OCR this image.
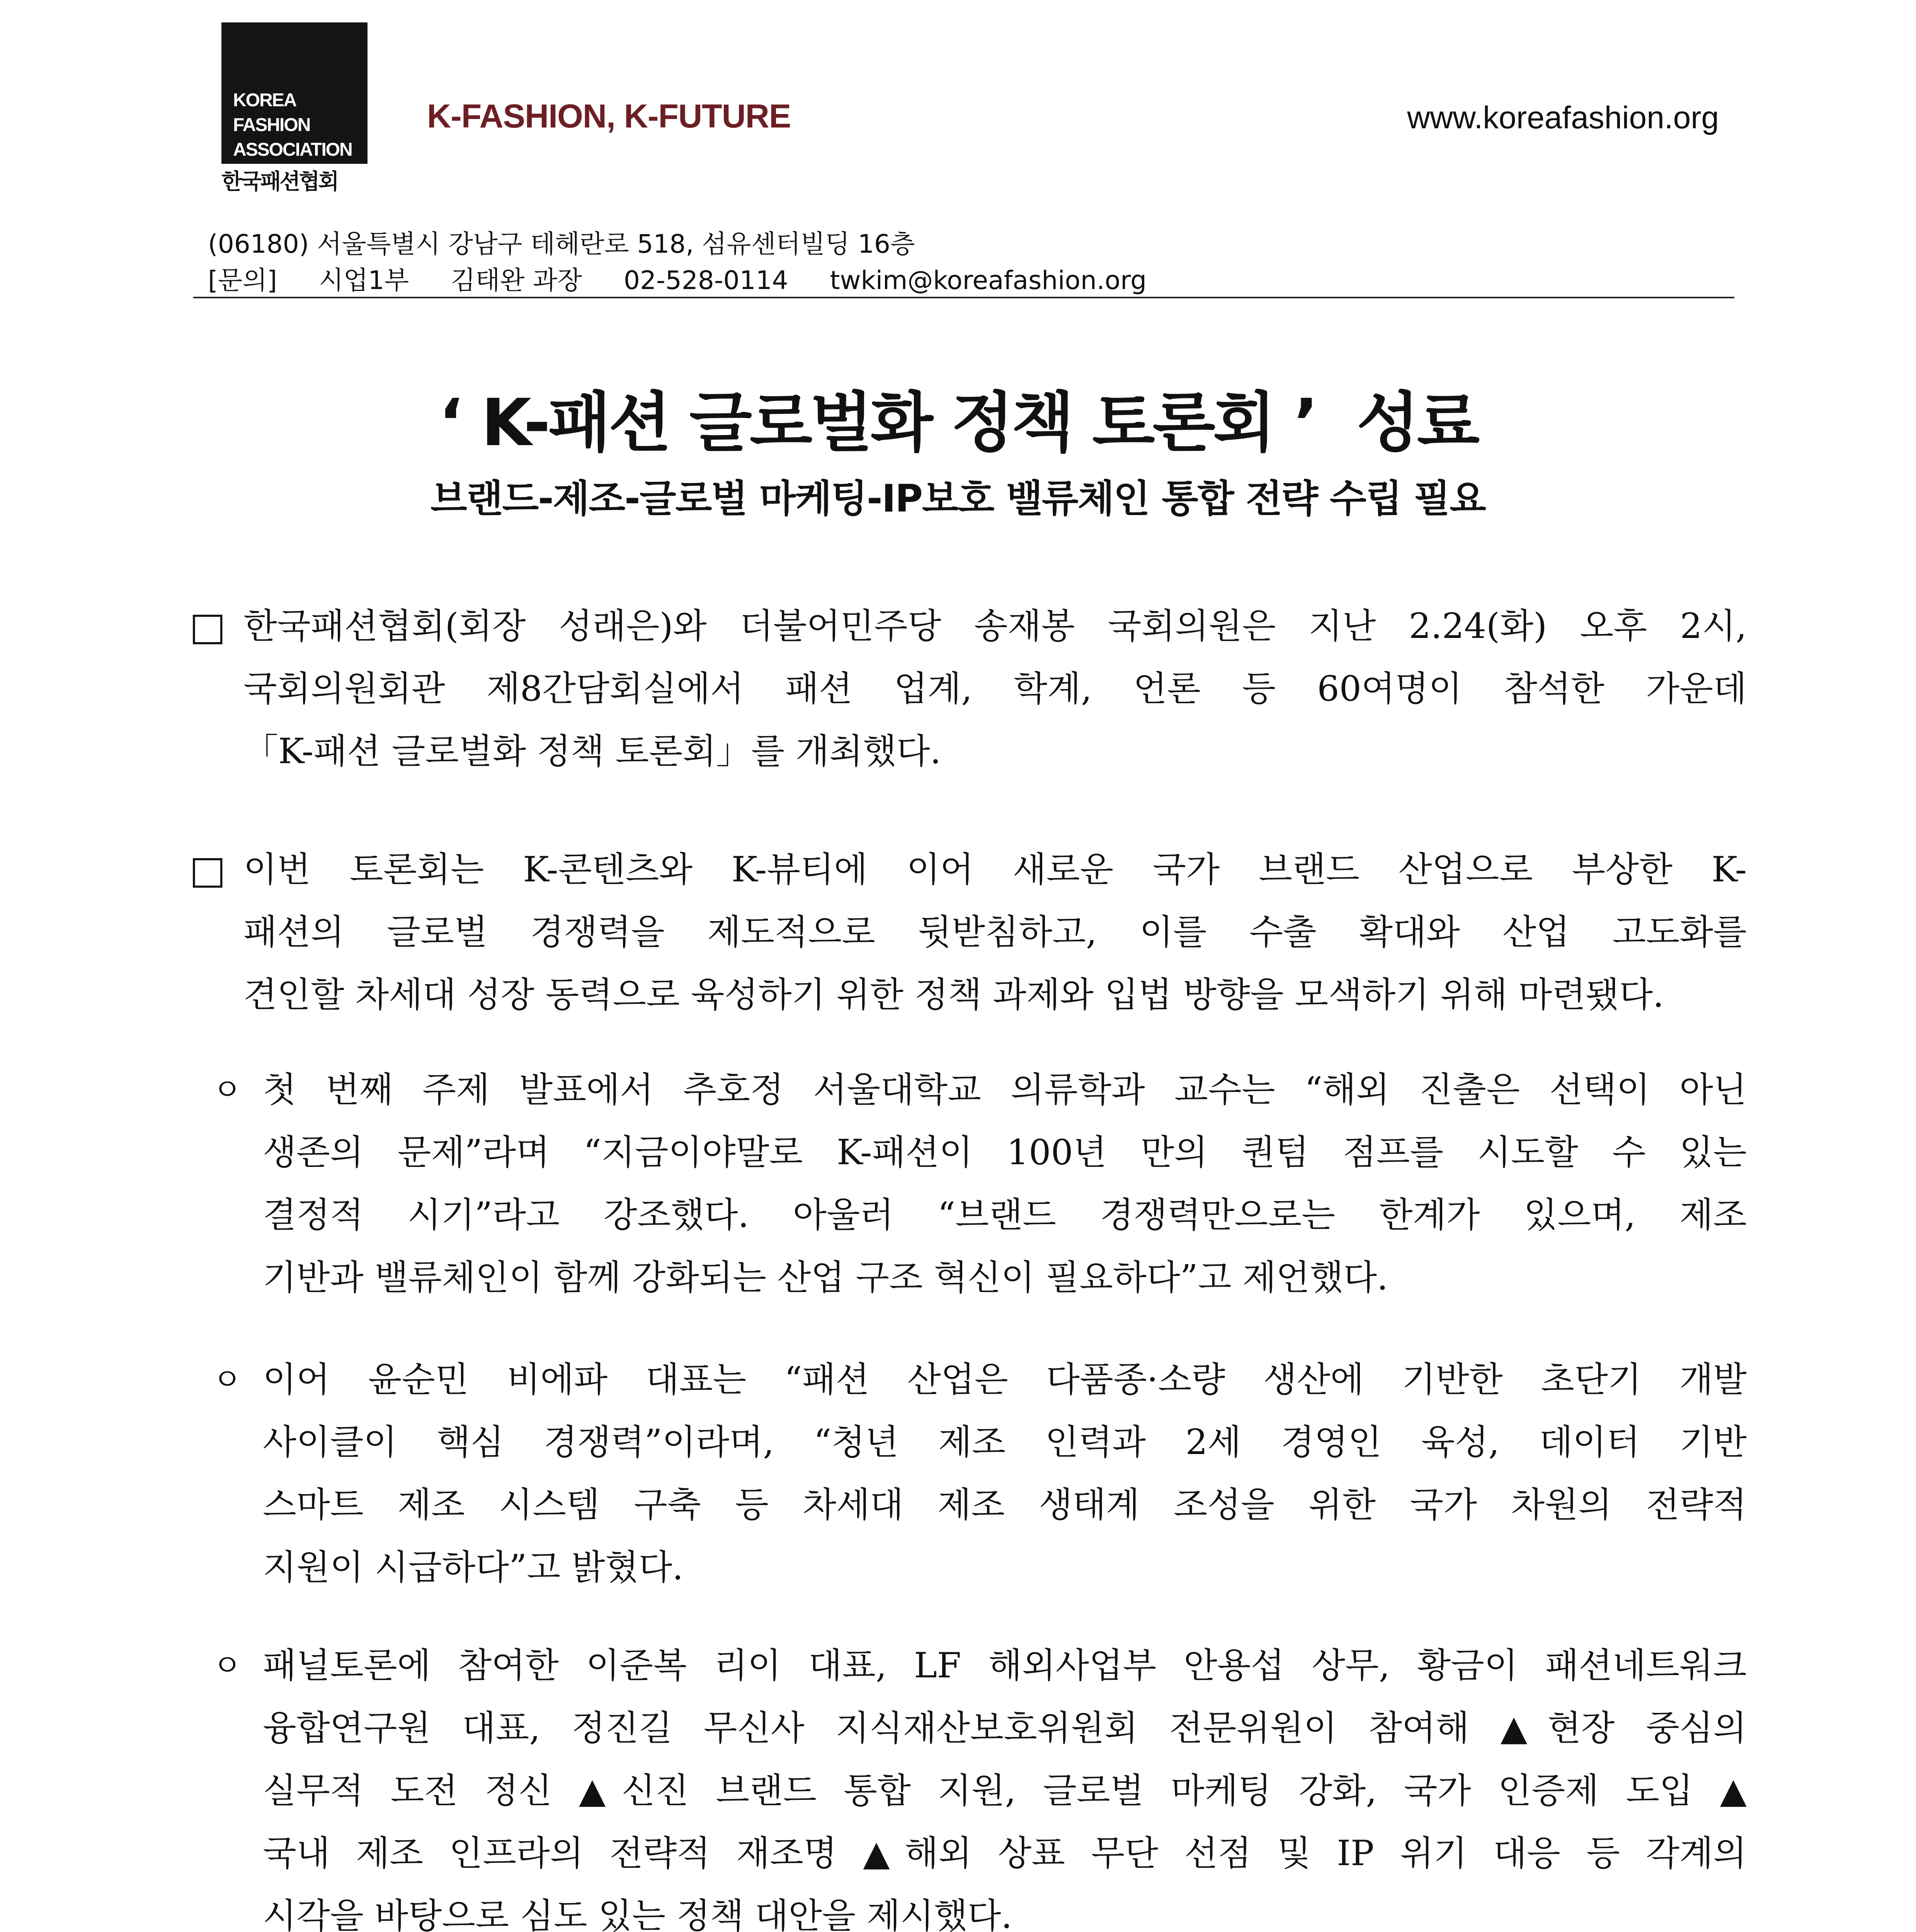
KOREA
FASHION
ASSOCIATION
한국패션협회
K-FASHION, K-FUTURE	www.koreafashion.org
(06180) 서울특별시 강남구 테헤란로 518, 섬유센터빌딩 16층
[문의] 시업1부 김태완 과장 02-528-0114 twkim@koreafashion.org
‘ K-패션 글로벌화 정책 토론회 ’  성료
브랜드-제조-글로벌 마케팅-IP보호 밸류체인 통합 전략 수립 필요
□ 한국패션협회(회장 성래은)와 더불어민주당 송재봉 국회의원은 지난 2.24(화) 오후 2시,
국회의원회관 제8간담회실에서 패션 업계, 학계, 언론 등 60여명이 참석한 가운데
「K-패션 글로벌화 정책 토론회」를 개최했다.
□ 이번 토론회는 K-콘텐츠와 K-뷰티에 이어 새로운 국가 브랜드 산업으로 부상한 K-
패션의 글로벌 경쟁력을 제도적으로 뒷받침하고, 이를 수출 확대와 산업 고도화를
견인할 차세대 성장 동력으로 육성하기 위한 정책 과제와 입법 방향을 모색하기 위해 마련됐다.
ㅇ 첫 번째 주제 발표에서 추호정 서울대학교 의류학과 교수는 “해외 진출은 선택이 아닌
생존의 문제”라며 “지금이야말로 K-패션이 100년 만의 퀀텀 점프를 시도할 수 있는
결정적 시기”라고 강조했다. 아울러 “브랜드 경쟁력만으로는 한계가 있으며, 제조
기반과 밸류체인이 함께 강화되는 산업 구조 혁신이 필요하다”고 제언했다.
ㅇ 이어 윤순민 비에파 대표는 “패션 산업은 다품종·소량 생산에 기반한 초단기 개발
사이클이 핵심 경쟁력”이라며, “청년 제조 인력과 2세 경영인 육성, 데이터 기반
스마트 제조 시스템 구축 등 차세대 제조 생태계 조성을 위한 국가 차원의 전략적
지원이 시급하다”고 밝혔다.
ㅇ 패널토론에 참여한 이준복 리이 대표, LF 해외사업부 안용섭 상무, 황금이 패션네트워크
융합연구원 대표, 정진길 무신사 지식재산보호위원회 전문위원이 참여해 ▲현장 중심의
실무적 도전 정신 ▲신진 브랜드 통합 지원, 글로벌 마케팅 강화, 국가 인증제 도입 ▲
국내 제조 인프라의 전략적 재조명 ▲해외 상표 무단 선점 및 IP 위기 대응 등 각계의
시각을 바탕으로 심도 있는 정책 대안을 제시했다.
